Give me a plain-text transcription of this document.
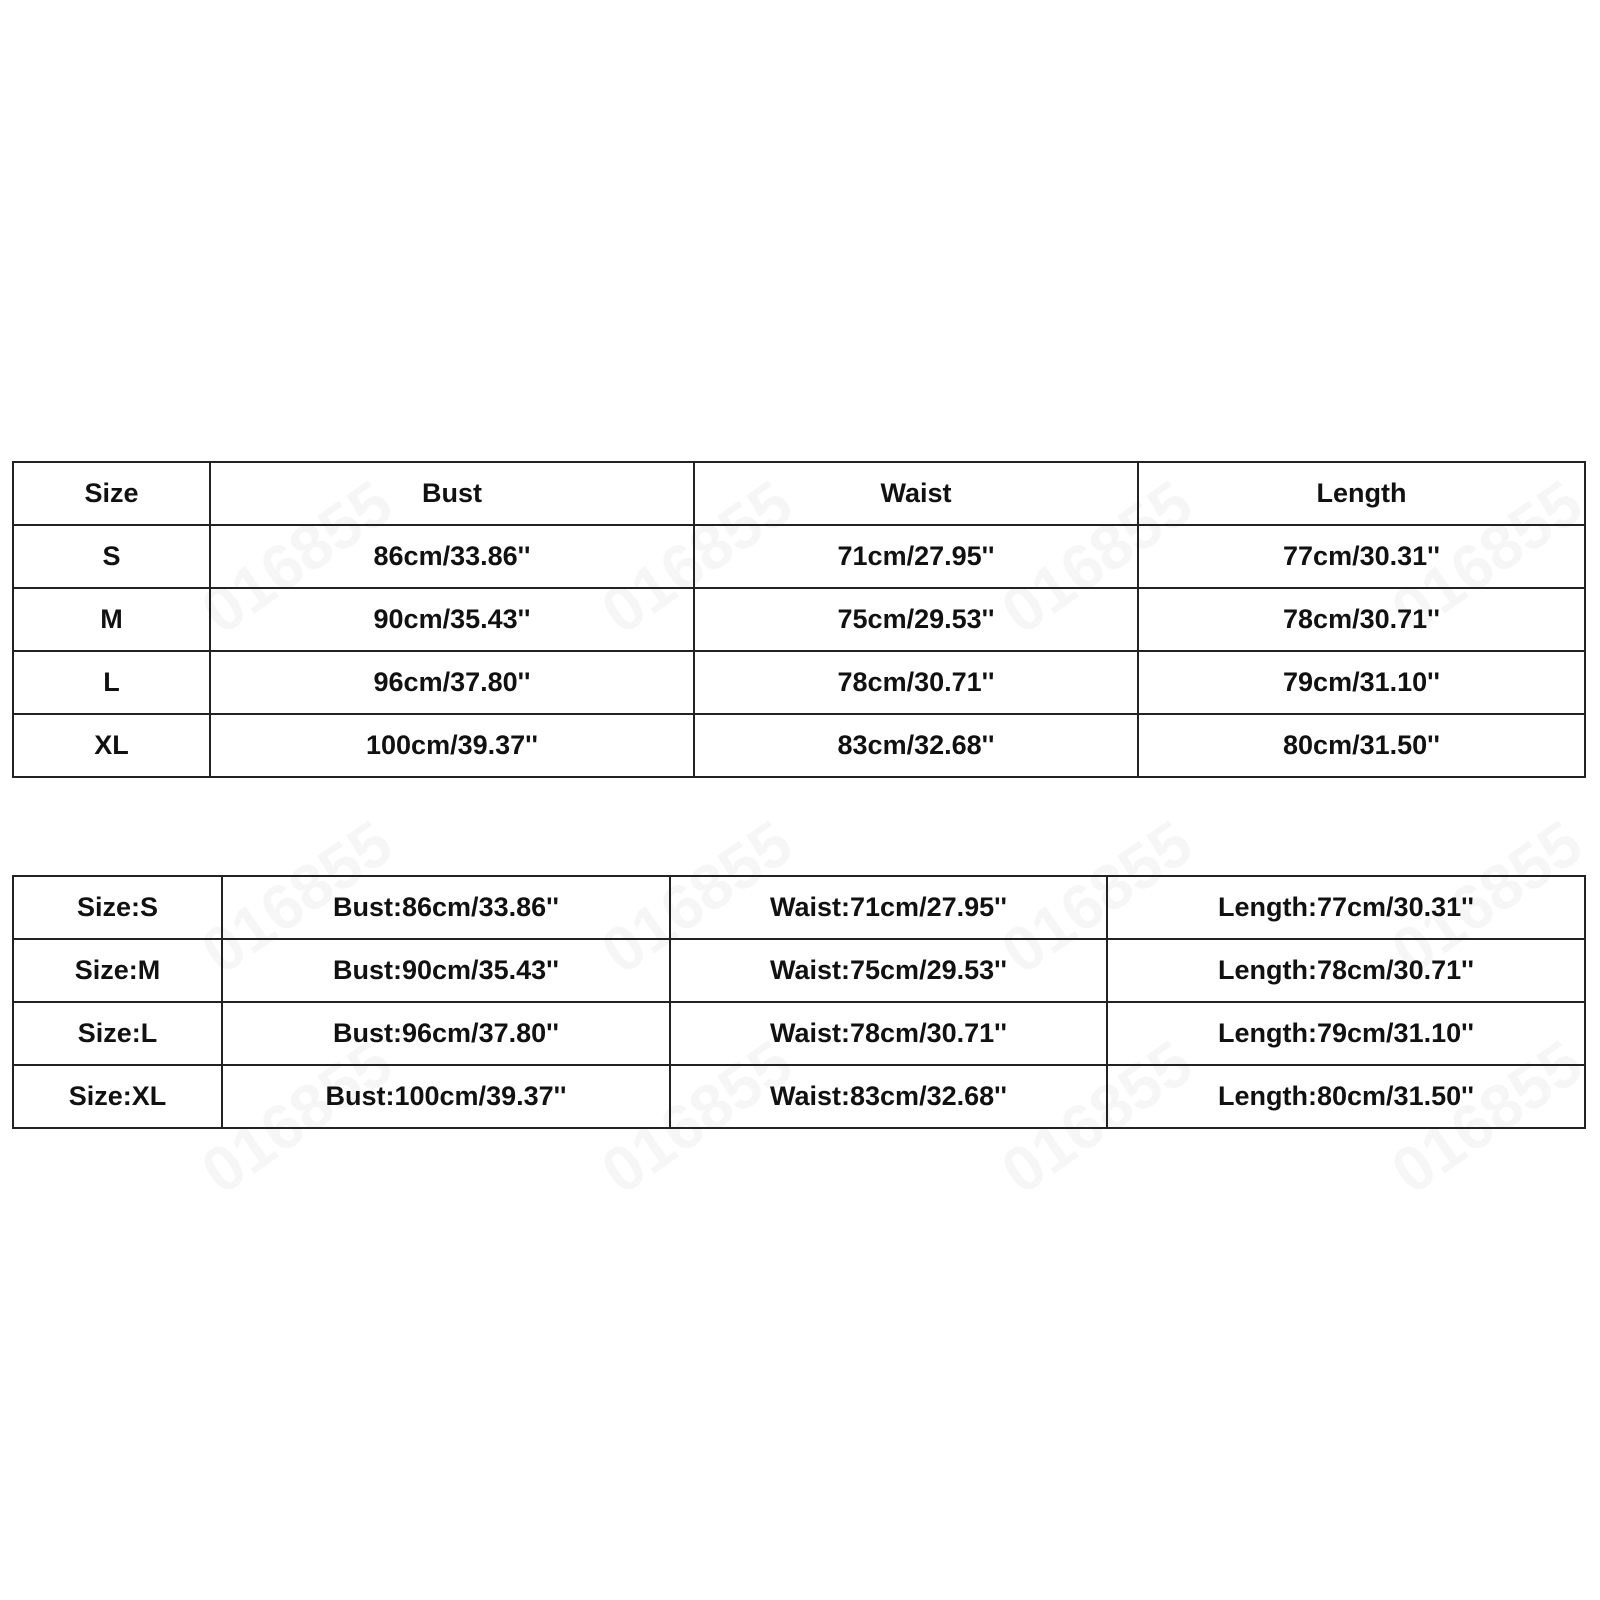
Size	Bust	Waist	Length
S	86cm/33.86''	71cm/27.95''	77cm/30.31''
M	90cm/35.43''	75cm/29.53''	78cm/30.71''
L	96cm/37.80''	78cm/30.71''	79cm/31.10''
XL	100cm/39.37''	83cm/32.68''	80cm/31.50''
Size:S	Bust:86cm/33.86''	Waist:71cm/27.95''	Length:77cm/30.31''
Size:M	Bust:90cm/35.43''	Waist:75cm/29.53''	Length:78cm/30.71''
Size:L	Bust:96cm/37.80''	Waist:78cm/30.71''	Length:79cm/31.10''
Size:XL	Bust:100cm/39.37''	Waist:83cm/32.68''	Length:80cm/31.50''
